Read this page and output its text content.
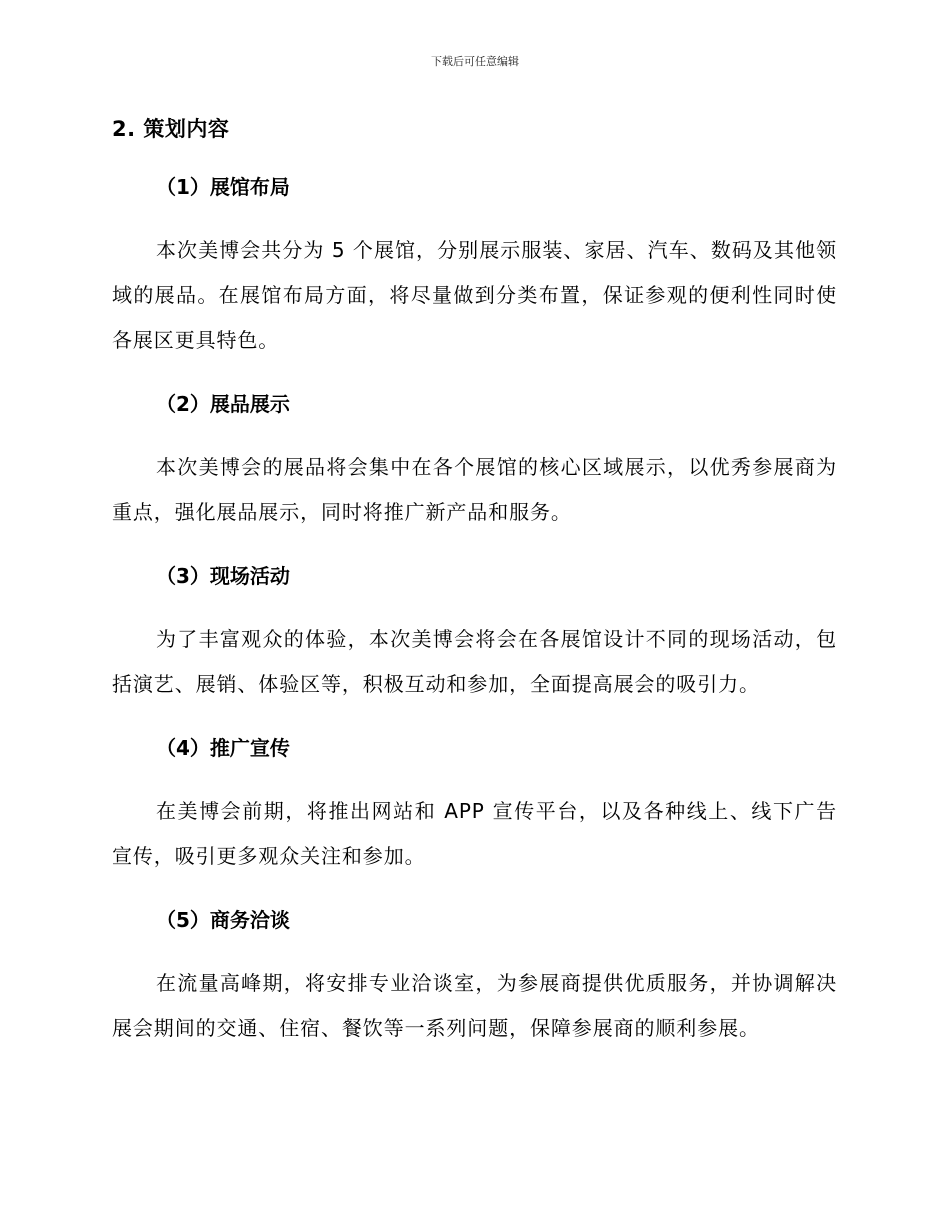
下载后可任意编辑
2. 策划内容
（1）展馆布局

本次美博会共分为 5 个展馆，分别展示服装、家居、汽车、数码及其他领域的展品。在展馆布局方面，将尽量做到分类布置，保证参观的便利性同时使各展区更具特色。

（2）展品展示

本次美博会的展品将会集中在各个展馆的核心区域展示，以优秀参展商为重点，强化展品展示，同时将推广新产品和服务。

（3）现场活动

为了丰富观众的体验，本次美博会将会在各展馆设计不同的现场活动，包括演艺、展销、体验区等，积极互动和参加，全面提高展会的吸引力。

（4）推广宣传

在美博会前期，将推出网站和 APP 宣传平台，以及各种线上、线下广告宣传，吸引更多观众关注和参加。

（5）商务洽谈

在流量高峰期，将安排专业洽谈室，为参展商提供优质服务，并协调解决展会期间的交通、住宿、餐饮等一系列问题，保障参展商的顺利参展。
